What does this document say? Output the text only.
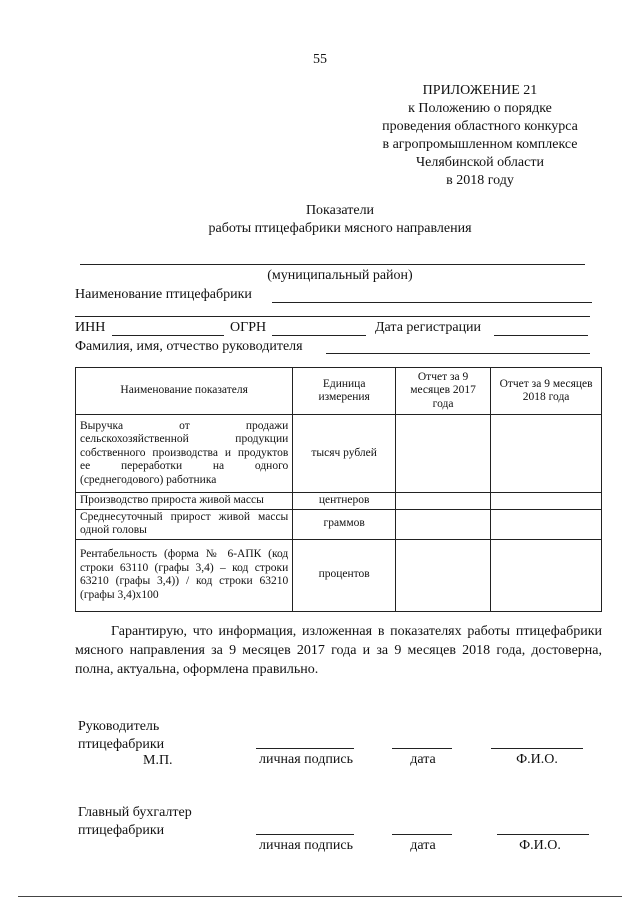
55
ПРИЛОЖЕНИЕ 21
к Положению о порядке
проведения областного конкурса
в агропромышленном комплексе
Челябинской области
в 2018 году
Показатели
работы птицефабрики мясного направления
(муниципальный район)
Наименование птицефабрики
ИНН	ОГРН	Дата регистрации
Фамилия, имя, отчество руководителя
Наименование показателя	Единица измерения	Отчет за 9 месяцев 2017 года	Отчет за 9 месяцев 2018 года
Выручка от продажи сельскохозяйственной продукции собственного производства и продуктов ее переработки на одного (среднегодового) работника	тысяч рублей		
Производство прироста живой массы	центнеров		
Среднесуточный прирост живой массы одной головы	граммов		
Рентабельность (форма № 6-АПК (код строки 63110 (графы 3,4) – код строки 63210 (графы 3,4)) / код строки 63210 (графы 3,4)х100	процентов		
Гарантирую, что информация, изложенная в показателях работы птицефабрики мясного направления за 9 месяцев 2017 года и за 9 месяцев 2018 года, достоверна, полна, актуальна, оформлена правильно.
Руководитель
птицефабрики
М.П.	личная подпись	дата	Ф.И.О.
Главный бухгалтер
птицефабрики
личная подпись	дата	Ф.И.О.
